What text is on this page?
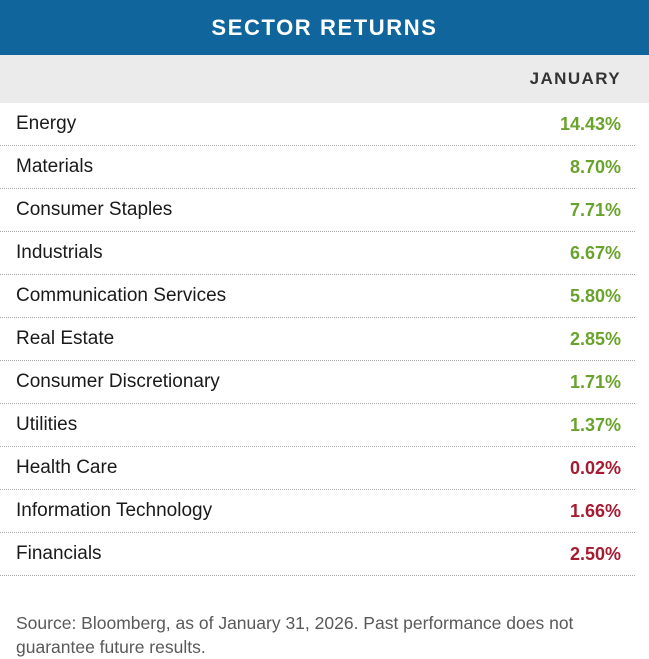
SECTOR RETURNS
JANUARY
Energy	14.43%
Materials	8.70%
Consumer Staples	7.71%
Industrials	6.67%
Communication Services	5.80%
Real Estate	2.85%
Consumer Discretionary	1.71%
Utilities	1.37%
Health Care	0.02%
Information Technology	1.66%
Financials	2.50%
Source: Bloomberg, as of January 31, 2026. Past performance does not guarantee future results.
